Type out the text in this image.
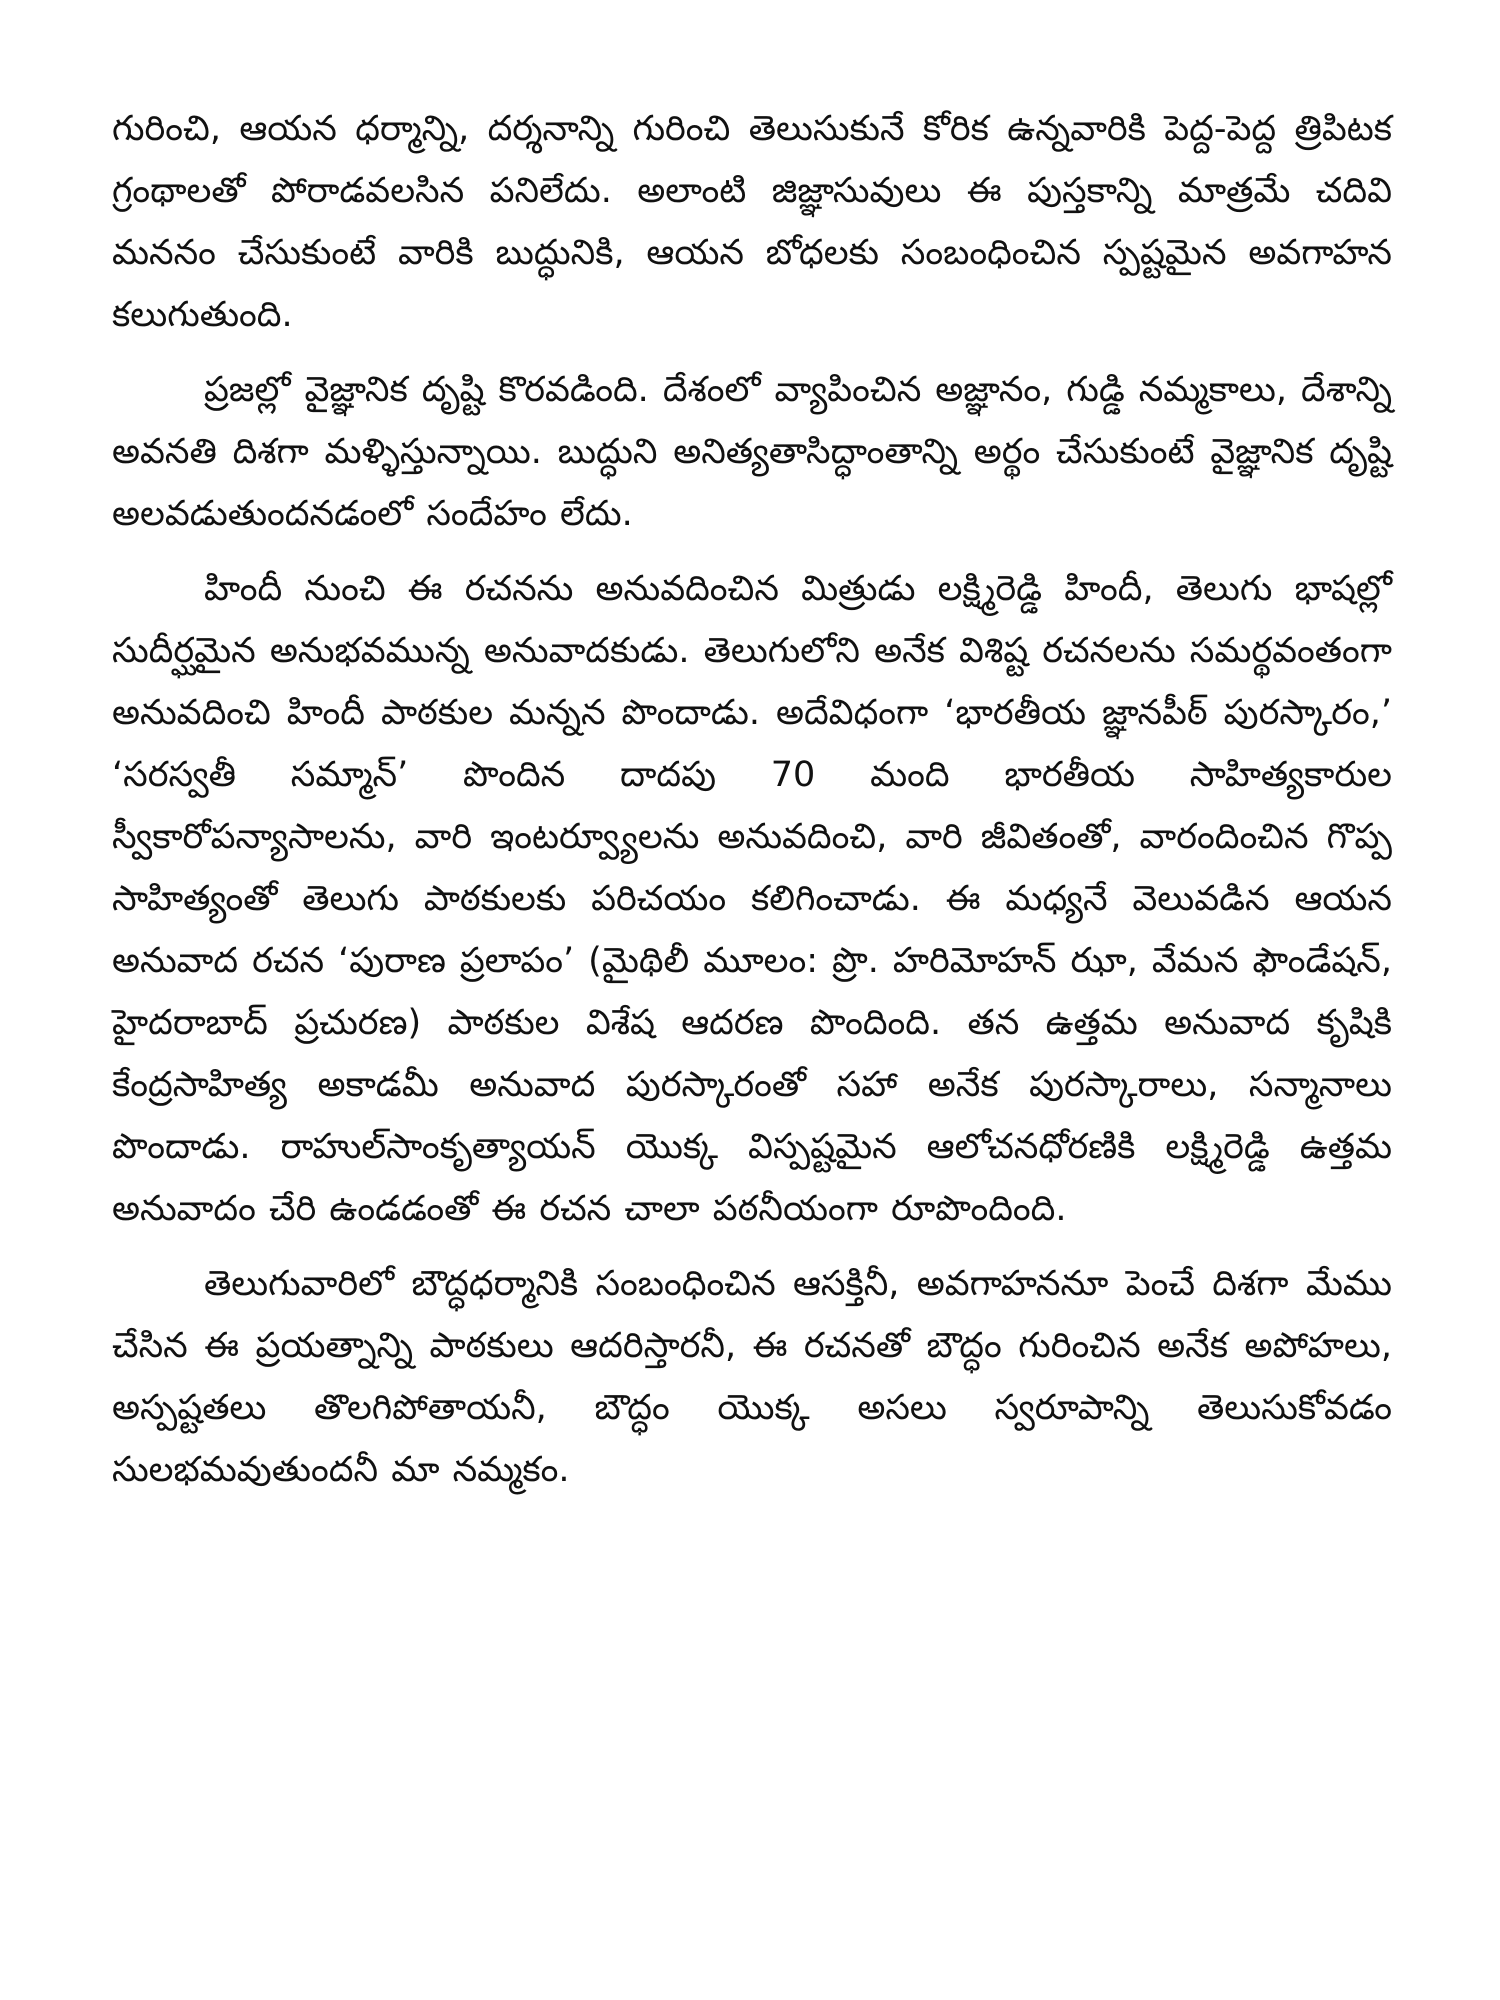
గురించి, ఆయన ధర్మాన్ని, దర్శనాన్ని గురించి తెలుసుకునే కోరిక ఉన్నవారికి పెద్ద-పెద్ద త్రిపిటక గ్రంథాలతో పోరాడవలసిన పనిలేదు. అలాంటి జిజ్ఞాసువులు ఈ పుస్తకాన్ని మాత్రమే చదివి మననం చేసుకుంటే వారికి బుద్ధునికి, ఆయన బోధలకు సంబంధించిన స్పష్టమైన అవగాహన కలుగుతుంది.

ప్రజల్లో వైజ్ఞానిక దృష్టి కొరవడింది. దేశంలో వ్యాపించిన అజ్ఞానం, గుడ్డి నమ్మకాలు, దేశాన్ని అవనతి దిశగా మళ్ళిస్తున్నాయి. బుద్ధుని అనిత్యతాసిద్ధాంతాన్ని అర్థం చేసుకుంటే వైజ్ఞానిక దృష్టి అలవడుతుందనడంలో సందేహం లేదు.

హిందీ నుంచి ఈ రచనను అనువదించిన మిత్రుడు లక్ష్మిరెడ్డి హిందీ, తెలుగు భాషల్లో సుదీర్ఘమైన అనుభవమున్న అనువాదకుడు. తెలుగులోని అనేక విశిష్ట రచనలను సమర్థవంతంగా అనువదించి హిందీ పాఠకుల మన్నన పొందాడు. అదేవిధంగా ‘భారతీయ జ్ఞానపీఠ్ పురస్కారం,’ ‘సరస్వతీ సమ్మాన్’ పొందిన దాదపు 70 మంది భారతీయ సాహిత్యకారుల స్వీకారోపన్యాసాలను, వారి ఇంటర్వ్యూలను అనువదించి, వారి జీవితంతో, వారందించిన గొప్ప సాహిత్యంతో తెలుగు పాఠకులకు పరిచయం కలిగించాడు. ఈ మధ్యనే వెలువడిన ఆయన అనువాద రచన ‘పురాణ ప్రలాపం’ (మైథిలీ మూలం: ప్రొ. హరిమోహన్ ఝా, వేమన ఫౌండేషన్, హైదరాబాద్ ప్రచురణ) పాఠకుల విశేష ఆదరణ పొందింది. తన ఉత్తమ అనువాద కృషికి కేంద్రసాహిత్య అకాడమీ అనువాద పురస్కారంతో సహా అనేక పురస్కారాలు, సన్మానాలు పొందాడు. రాహుల్‌సాంకృత్యాయన్ యొక్క విస్పష్టమైన ఆలోచనధోరణికి లక్ష్మిరెడ్డి ఉత్తమ అనువాదం చేరి ఉండడంతో ఈ రచన చాలా పఠనీయంగా రూపొందింది.

తెలుగువారిలో బౌద్ధధర్మానికి సంబంధించిన ఆసక్తినీ, అవగాహననూ పెంచే దిశగా మేము చేసిన ఈ ప్రయత్నాన్ని పాఠకులు ఆదరిస్తారనీ, ఈ రచనతో బౌద్ధం గురించిన అనేక అపోహలు, అస్పష్టతలు తొలగిపోతాయనీ, బౌద్ధం యొక్క అసలు స్వరూపాన్ని తెలుసుకోవడం సులభమవుతుందనీ మా నమ్మకం.
